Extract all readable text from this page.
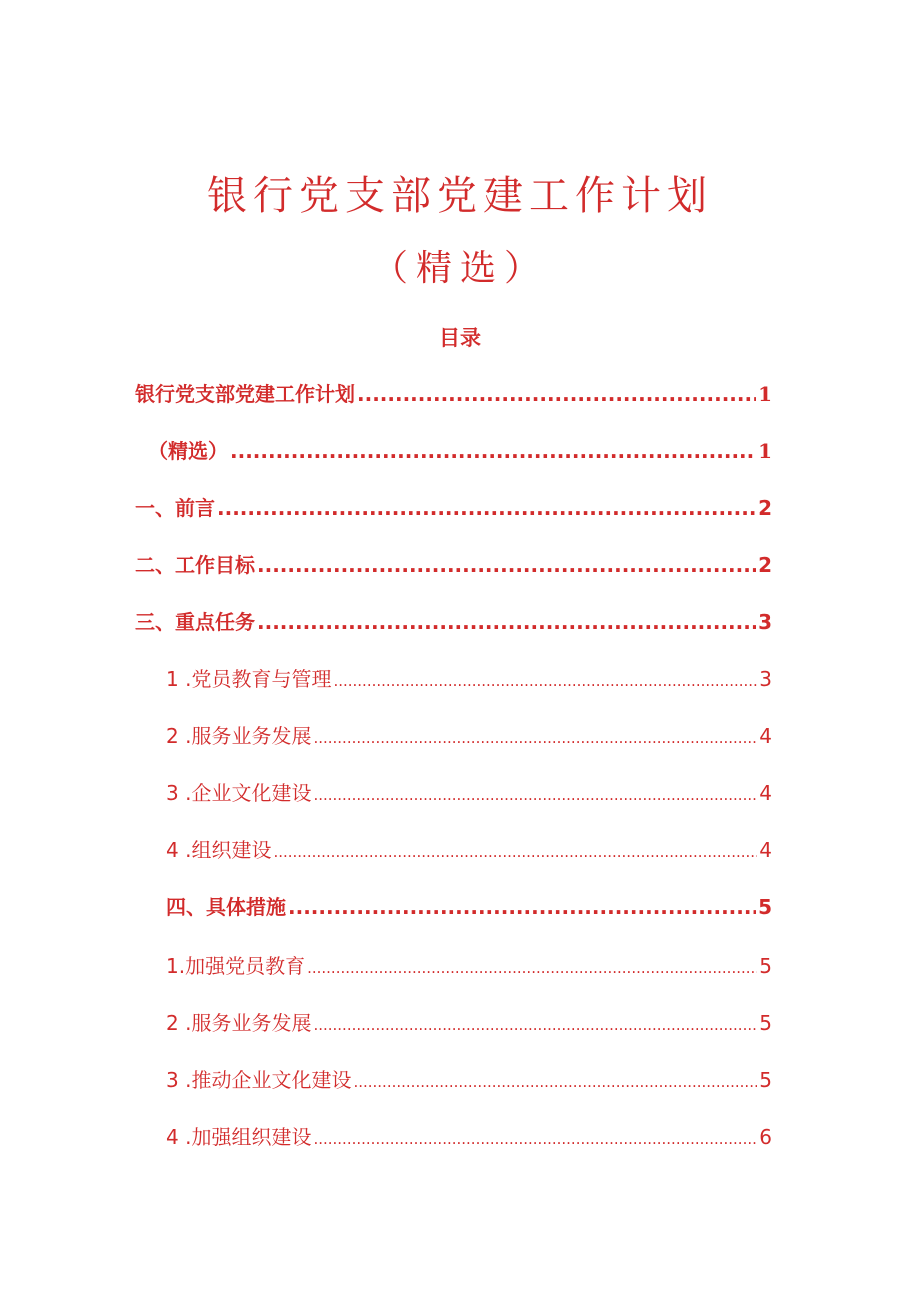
银行党支部党建工作计划
（精选）
目录
银行党支部党建工作计划 .....	1
（精选） .....	1
一、前言 .....	2
二、工作目标 .....	2
三、重点任务 .....	3
1 .党员教育与管理 .....	3
2 .服务业务发展 .....	4
3 .企业文化建设 .....	4
4 .组织建设 .....	4
四、具体措施 .....	5
1.加强党员教育 .....	5
2 .服务业务发展 .....	5
3 .推动企业文化建设 .....	5
4 .加强组织建设 .....	6
